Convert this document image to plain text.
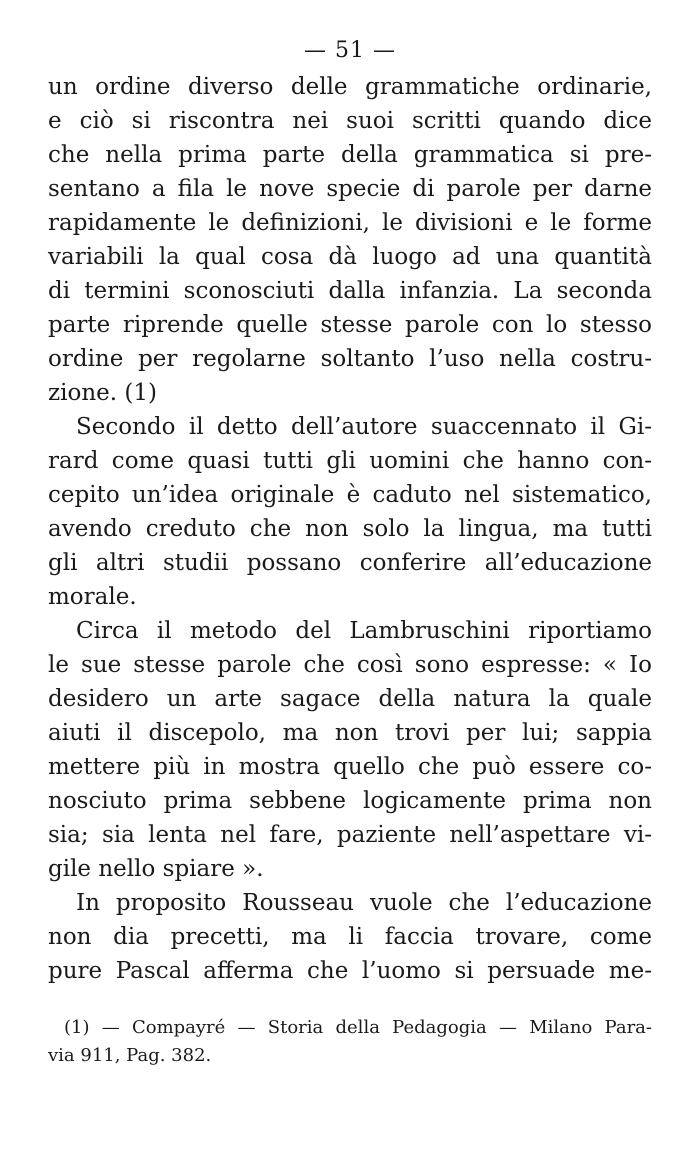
— 51 —
un ordine diverso delle grammatiche ordinarie,
e ciò si riscontra nei suoi scritti quando dice
che nella prima parte della grammatica si pre-
sentano a fila le nove specie di parole per darne
rapidamente le definizioni, le divisioni e le forme
variabili la qual cosa dà luogo ad una quantità
di termini sconosciuti dalla infanzia. La seconda
parte riprende quelle stesse parole con lo stesso
ordine per regolarne soltanto l’uso nella costru-
zione. (1)
Secondo il detto dell’autore suaccennato il Gi-
rard come quasi tutti gli uomini che hanno con-
cepito un’idea originale è caduto nel sistematico,
avendo creduto che non solo la lingua, ma tutti
gli altri studii possano conferire all’educazione
morale.
Circa il metodo del Lambruschini riportiamo
le sue stesse parole che così sono espresse: « Io
desidero un arte sagace della natura la quale
aiuti il discepolo, ma non trovi per lui; sappia
mettere più in mostra quello che può essere co-
nosciuto prima sebbene logicamente prima non
sia; sia lenta nel fare, paziente nell’aspettare vi-
gile nello spiare ».
In proposito Rousseau vuole che l’educazione
non dia precetti, ma li faccia trovare, come
pure Pascal afferma che l’uomo si persuade me-
(1) — Compayré — Storia della Pedagogia — Milano Para-
via 911, Pag. 382.
